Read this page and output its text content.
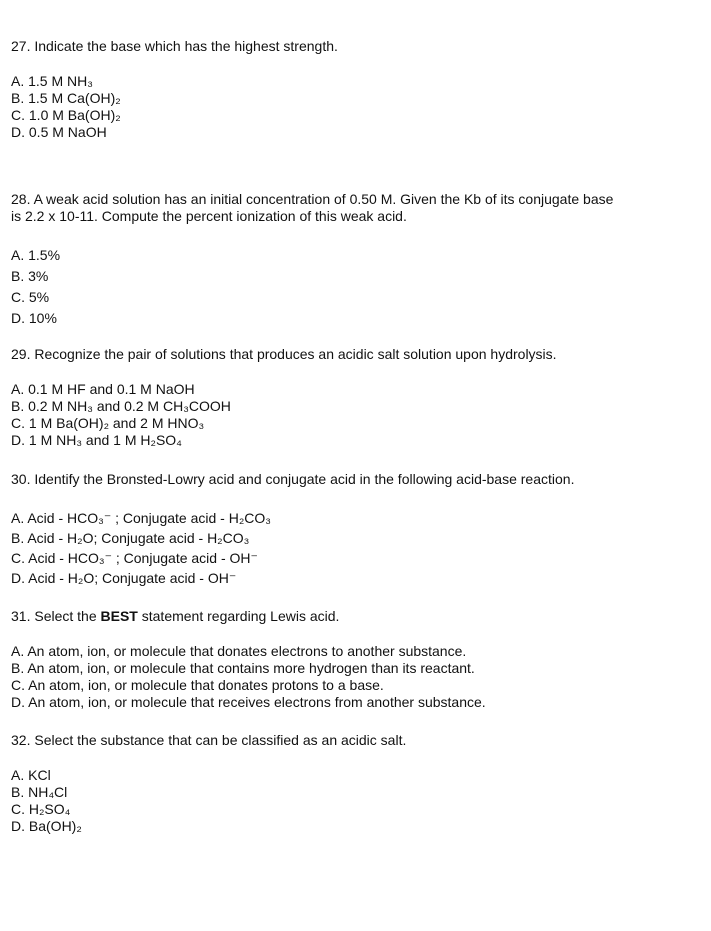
27. Indicate the base which has the highest strength.

A. 1.5 M NH₃
B. 1.5 M Ca(OH)₂
C. 1.0 M Ba(OH)₂
D. 0.5 M NaOH

28. A weak acid solution has an initial concentration of 0.50 M. Given the Kb of its conjugate base
is 2.2 x 10-11. Compute the percent ionization of this weak acid.

A. 1.5%
B. 3%
C. 5%
D. 10%

29. Recognize the pair of solutions that produces an acidic salt solution upon hydrolysis.

A. 0.1 M HF and 0.1 M NaOH
B. 0.2 M NH₃ and 0.2 M CH₃COOH
C. 1 M Ba(OH)₂ and 2 M HNO₃
D. 1 M NH₃ and 1 M H₂SO₄

30. Identify the Bronsted-Lowry acid and conjugate acid in the following acid-base reaction.

A. Acid - HCO₃⁻ ; Conjugate acid - H₂CO₃
B. Acid - H₂O; Conjugate acid - H₂CO₃
C. Acid - HCO₃⁻ ; Conjugate acid - OH⁻
D. Acid - H₂O; Conjugate acid - OH⁻

31. Select the BEST statement regarding Lewis acid.

A. An atom, ion, or molecule that donates electrons to another substance.
B. An atom, ion, or molecule that contains more hydrogen than its reactant.
C. An atom, ion, or molecule that donates protons to a base.
D. An atom, ion, or molecule that receives electrons from another substance.

32. Select the substance that can be classified as an acidic salt.

A. KCl
B. NH₄Cl
C. H₂SO₄
D. Ba(OH)₂
